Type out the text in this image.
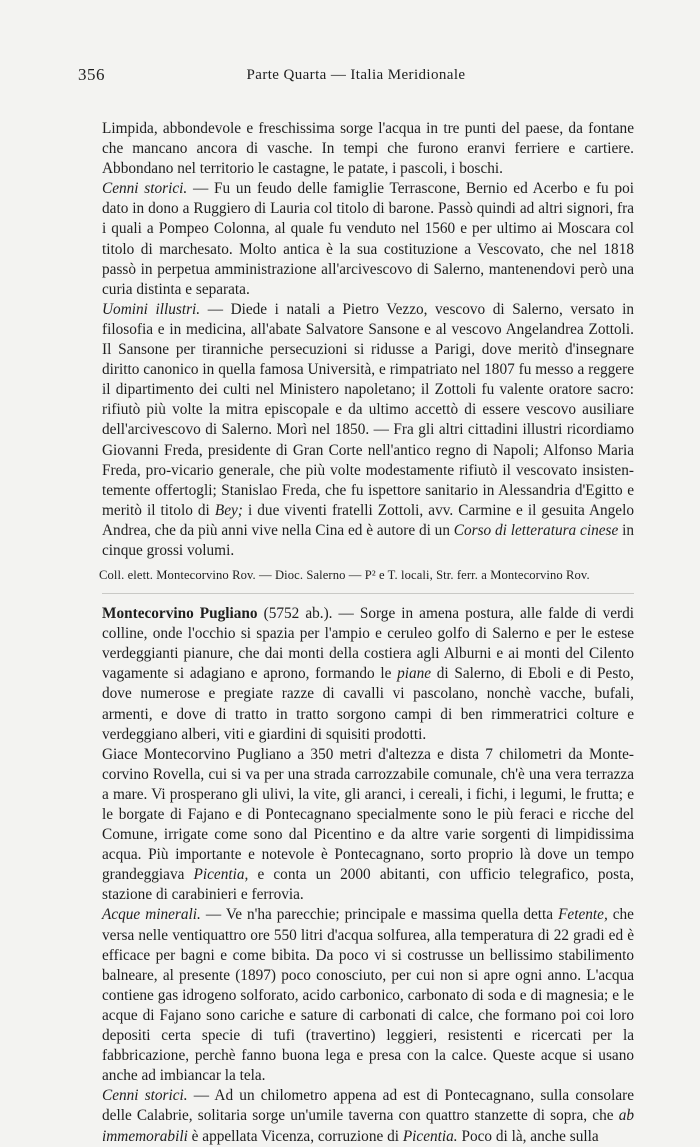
356	Parte Quarta — Italia Meridionale

Limpida, abbondevole e freschissima sorge l'acqua in tre punti del paese, da fontane che mancano ancora di vasche. In tempi che furono eranvi ferriere e cartiere. Abbondano nel territorio le castagne, le patate, i pascoli, i boschi.

Cenni storici. — Fu un feudo delle famiglie Terrascone, Bernio ed Acerbo e fu poi dato in dono a Ruggiero di Lauria col titolo di barone. Passò quindi ad altri signori, fra i quali a Pompeo Colonna, al quale fu venduto nel 1560 e per ultimo ai Moscara col titolo di marchesato. Molto antica è la sua costituzione a Vescovato, che nel 1818 passò in perpetua amministrazione all'arcivescovo di Salerno, mantenendovi però una curia distinta e separata.

Uomini illustri. — Diede i natali a Pietro Vezzo, vescovo di Salerno, versato in filosofia e in medicina, all'abate Salvatore Sansone e al vescovo Angelandrea Zottoli. Il Sansone per tiranniche persecuzioni si ridusse a Parigi, dove meritò d'insegnare diritto canonico in quella famosa Università, e rimpatriato nel 1807 fu messo a reggere il dipartimento dei culti nel Ministero napoletano; il Zottoli fu valente oratore sacro: rifiutò più volte la mitra episcopale e da ultimo accettò di essere vescovo ausiliare dell'arcivescovo di Salerno. Morì nel 1850. — Fra gli altri cittadini illustri ricordiamo Giovanni Freda, presidente di Gran Corte nell'antico regno di Napoli; Alfonso Maria Freda, pro-vicario generale, che più volte modestamente rifiutò il vescovato insistentemente offertogli; Stanislao Freda, che fu ispettore sanitario in Alessandria d'Egitto e meritò il titolo di Bey; i due viventi fratelli Zottoli, avv. Carmine e il gesuita Angelo Andrea, che da più anni vive nella Cina ed è autore di un Corso di letteratura cinese in cinque grossi volumi.

Coll. elett. Montecorvino Rov. — Dioc. Salerno — P² e T. locali, Str. ferr. a Montecorvino Rov.

Montecorvino Pugliano (5752 ab.). — Sorge in amena postura, alle falde di verdi colline, onde l'occhio si spazia per l'ampio e ceruleo golfo di Salerno e per le estese verdeggianti pianure, che dai monti della costiera agli Alburni e ai monti del Cilento vagamente si adagiano e aprono, formando le piane di Salerno, di Eboli e di Pesto, dove numerose e pregiate razze di cavalli vi pascolano, nonchè vacche, bufali, armenti, e dove di tratto in tratto sorgono campi di ben rimmeratrici colture e verdeggiano alberi, viti e giardini di squisiti prodotti.

Giace Montecorvino Pugliano a 350 metri d'altezza e dista 7 chilometri da Montecorvino Rovella, cui si va per una strada carrozzabile comunale, ch'è una vera terrazza a mare. Vi prosperano gli ulivi, la vite, gli aranci, i cereali, i fichi, i legumi, le frutta; e le borgate di Fajano e di Pontecagnano specialmente sono le più feraci e ricche del Comune, irrigate come sono dal Picentino e da altre varie sorgenti di limpidissima acqua. Più importante e notevole è Pontecagnano, sorto proprio là dove un tempo grandeggiava Picentia, e conta un 2000 abitanti, con ufficio telegrafico, posta, stazione di carabinieri e ferrovia.

Acque minerali. — Ve n'ha parecchie; principale e massima quella detta Fetente, che versa nelle ventiquattro ore 550 litri d'acqua solfurea, alla temperatura di 22 gradi ed è efficace per bagni e come bibita. Da poco vi si costrusse un bellissimo stabilimento balneare, al presente (1897) poco conosciuto, per cui non si apre ogni anno. L'acqua contiene gas idrogeno solforato, acido carbonico, carbonato di soda e di magnesia; e le acque di Fajano sono cariche e sature di carbonati di calce, che formano poi coi loro depositi certa specie di tufi (travertino) leggieri, resistenti e ricercati per la fabbricazione, perchè fanno buona lega e presa con la calce. Queste acque si usano anche ad imbiancar la tela.

Cenni storici. — Ad un chilometro appena ad est di Pontecagnano, sulla consolare delle Calabrie, solitaria sorge un'umile taverna con quattro stanzette di sopra, che ab immemorabili è appellata Vicenza, corruzione di Picentia. Poco di là, anche sulla
